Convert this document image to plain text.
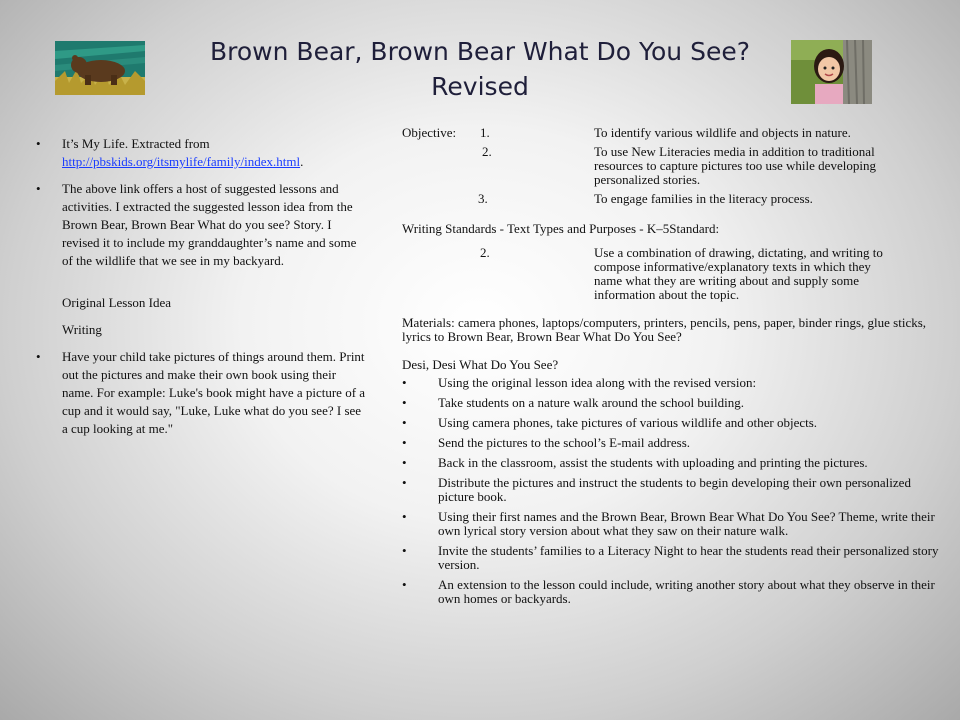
Brown Bear, Brown Bear What Do You See?
Revised
• It’s My Life. Extracted from http://pbskids.org/itsmylife/family/index.html.
• The above link offers a host of suggested lessons and activities. I extracted the suggested lesson idea from the Brown Bear, Brown Bear What do you see? Story. I revised it to include my granddaughter’s name and some of the wildlife that we see in my backyard.
Original Lesson Idea
Writing
• Have your child take pictures of things around them. Print out the pictures and make their own book using their name. For example: Luke's book might have a picture of a cup and it would say, "Luke, Luke what do you see? I see a cup looking at me."
Objective: 1.	To identify various wildlife and objects in nature.
2.	To use New Literacies media in addition to traditional resources to capture pictures too use while developing personalized stories.
3.	To engage families in the literacy process.
Writing Standards - Text Types and Purposes - K–5Standard:
2.	Use a combination of drawing, dictating, and writing to compose informative/explanatory texts in which they name what they are writing about and supply some information about the topic.
Materials: camera phones, laptops/computers, printers, pencils, pens, paper, binder rings, glue sticks, lyrics to Brown Bear, Brown Bear What Do You See?
Desi, Desi What Do You See?
• Using the original lesson idea along with the revised version:
• Take students on a nature walk around the school building.
• Using camera phones, take pictures of various wildlife and other objects.
• Send the pictures to the school’s E-mail address.
• Back in the classroom, assist the students with uploading and printing the pictures.
• Distribute the pictures and instruct the students to begin developing their own personalized picture book.
• Using their first names and the Brown Bear, Brown Bear What Do You See? Theme, write their own lyrical story version about what they saw on their nature walk.
• Invite the students’ families to a Literacy Night to hear the students read their personalized story version.
• An extension to the lesson could include, writing another story about what they observe in their own homes or backyards.
